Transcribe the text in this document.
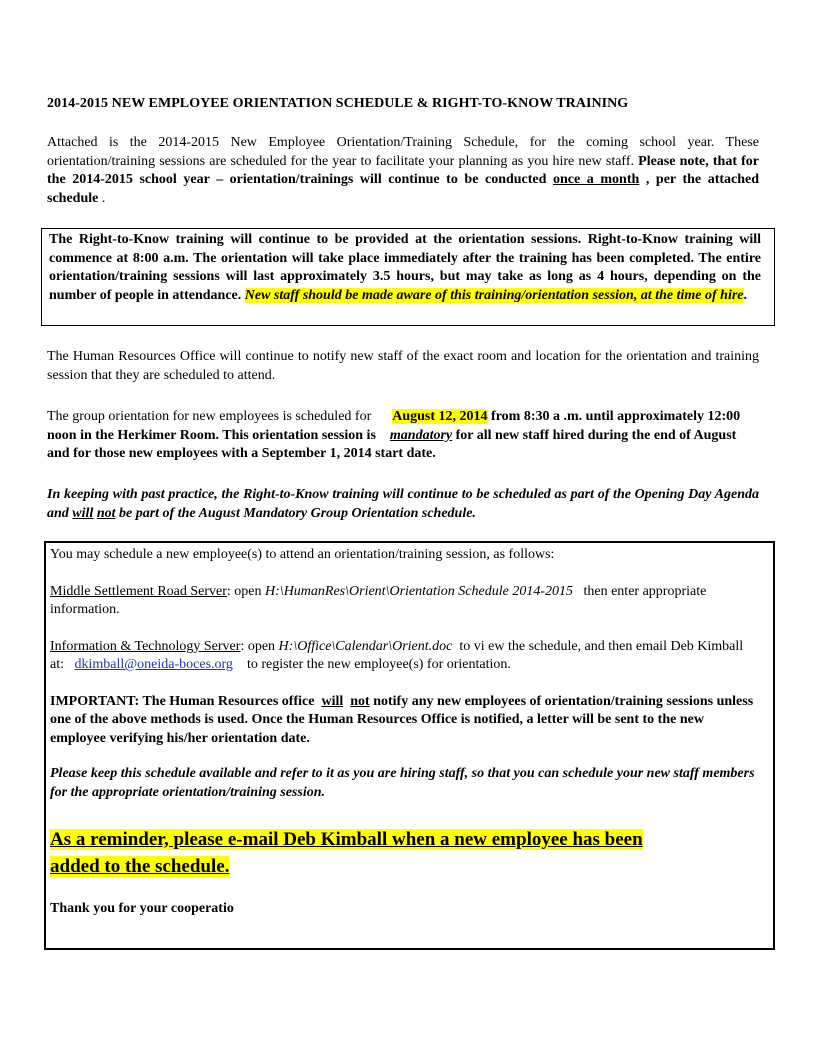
2014-2015 NEW EMPLOYEE ORIENTATION SCHEDULE & RIGHT-TO-KNOW TRAINING

Attached is the 2014-2015 New Employee Orientation/Training Schedule, for the coming school year. These orientation/training sessions are scheduled for the year to facilitate your planning as you hire new staff. Please note, that for the 2014-2015 school year – orientation/trainings will continue to be conducted once a month , per the attached schedule .

The Right-to-Know training will continue to be provided at the orientation sessions. Right-to-Know training will commence at 8:00 a.m. The orientation will take place immediately after the training has been completed. The entire orientation/training sessions will last approximately 3.5 hours, but may take as long as 4 hours, depending on the number of people in attendance. New staff should be made aware of this training/orientation session, at the time of hire.

The Human Resources Office will continue to notify new staff of the exact room and location for the orientation and training session that they are scheduled to attend.

The group orientation for new employees is scheduled for August 12, 2014 from 8:30 a .m. until approximately 12:00 noon in the Herkimer Room. This orientation session is mandatory for all new staff hired during the end of August and for those new employees with a September 1, 2014 start date.

In keeping with past practice, the Right-to-Know training will continue to be scheduled as part of the Opening Day Agenda and will not be part of the August Mandatory Group Orientation schedule.

You may schedule a new employee(s) to attend an orientation/training session, as follows:

Middle Settlement Road Server: open H:\HumanRes\Orient\Orientation Schedule 2014-2015 then enter appropriate information.

Information & Technology Server: open H:\Office\Calendar\Orient.doc to vi ew the schedule, and then email Deb Kimball at: dkimball@oneida-boces.org to register the new employee(s) for orientation.

IMPORTANT: The Human Resources office will not notify any new employees of orientation/training sessions unless one of the above methods is used. Once the Human Resources Office is notified, a letter will be sent to the new employee verifying his/her orientation date.

Please keep this schedule available and refer to it as you are hiring staff, so that you can schedule your new staff members for the appropriate orientation/training session.

As a reminder, please e-mail Deb Kimball when a new employee has been
added to the schedule.

Thank you for your cooperatio
